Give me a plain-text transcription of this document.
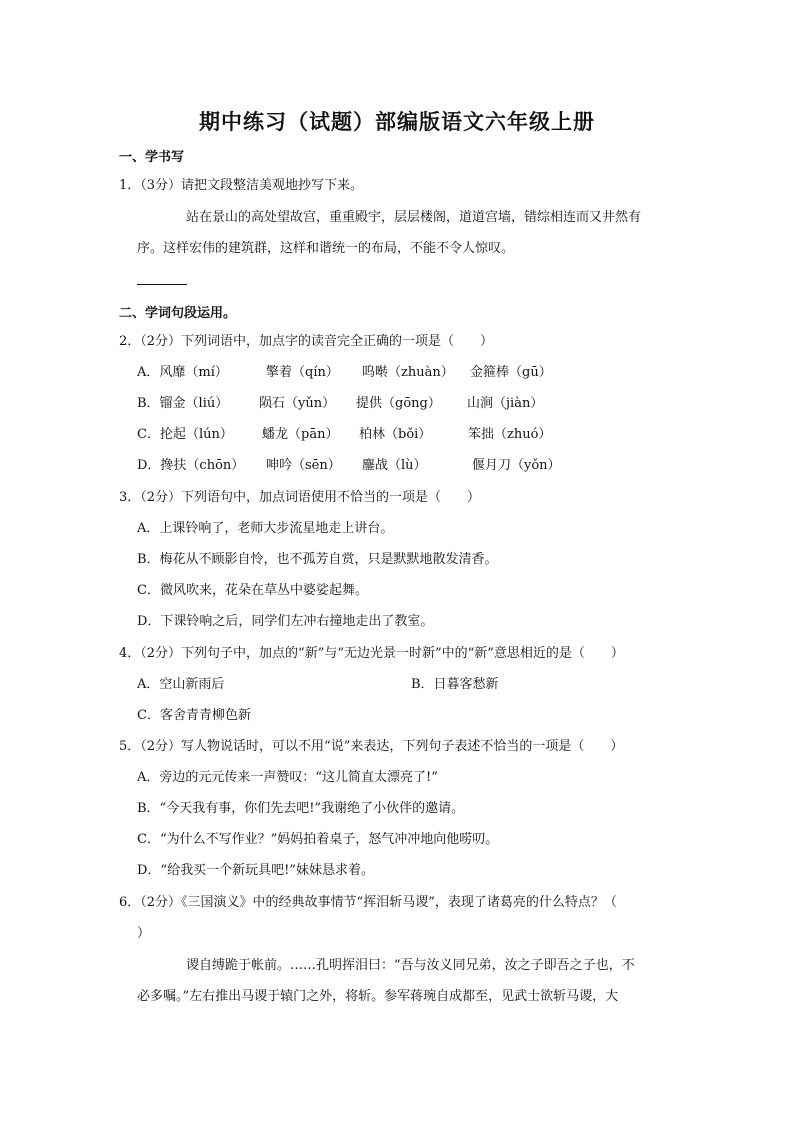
期中练习（试题）部编版语文六年级上册
一、学书写
1．（3分）请把文段整洁美观地抄写下来。
站在景山的高处望故宫，重重殿宇，层层楼阁，道道宫墙，错综相连而又井然有
序。这样宏伟的建筑群，这样和谐统一的布局，不能不令人惊叹。
二、学词句段运用。
2．（2分）下列词语中，加点字的读音完全正确的一项是（　　）
A．风靡（mí）	擎着（qín） 呜啭（zhuàn） 金箍棒（gū）
B．镏金（liú） 陨石（yǔn） 提供（gōng） 山涧（jiàn）
C．抡起（lún） 蟠龙（pān） 柏林（bǒi）	笨拙（zhuó）
D．搀扶（chōn） 呻吟（sēn） 鏖战（lù）	偃月刀（yǒn）
3．（2分）下列语句中，加点词语使用不恰当的一项是（　　）
A．上课铃响了，老师大步流星地走上讲台。
B．梅花从不顾影自怜，也不孤芳自赏，只是默默地散发清香。
C．微风吹来，花朵在草丛中婆娑起舞。
D．下课铃响之后，同学们左冲右撞地走出了教室。
4．（2分）下列句子中，加点的“新”与“无边光景一时新”中的“新”意思相近的是（　　）
A．空山新雨后	B．日暮客愁新
C．客舍青青柳色新
5．（2分）写人物说话时，可以不用“说”来表达，下列句子表述不恰当的一项是（　　）
A．旁边的元元传来一声赞叹：“这儿简直太漂亮了!”
B．“今天我有事，你们先去吧!”我谢绝了小伙伴的邀请。
C．“为什么不写作业？”妈妈拍着桌子，怒气冲冲地向他唠叨。
D．“给我买一个新玩具吧!”妹妹恳求着。
6．（2分）《三国演义》中的经典故事情节“挥泪斩马谡”，表现了诸葛亮的什么特点？（
）
谡自缚跪于帐前。……孔明挥泪曰：“吾与汝义同兄弟，汝之子即吾之子也，不
必多嘱。”左右推出马谡于辕门之外，将斩。参军蒋琬自成都至，见武士欲斩马谡，大
